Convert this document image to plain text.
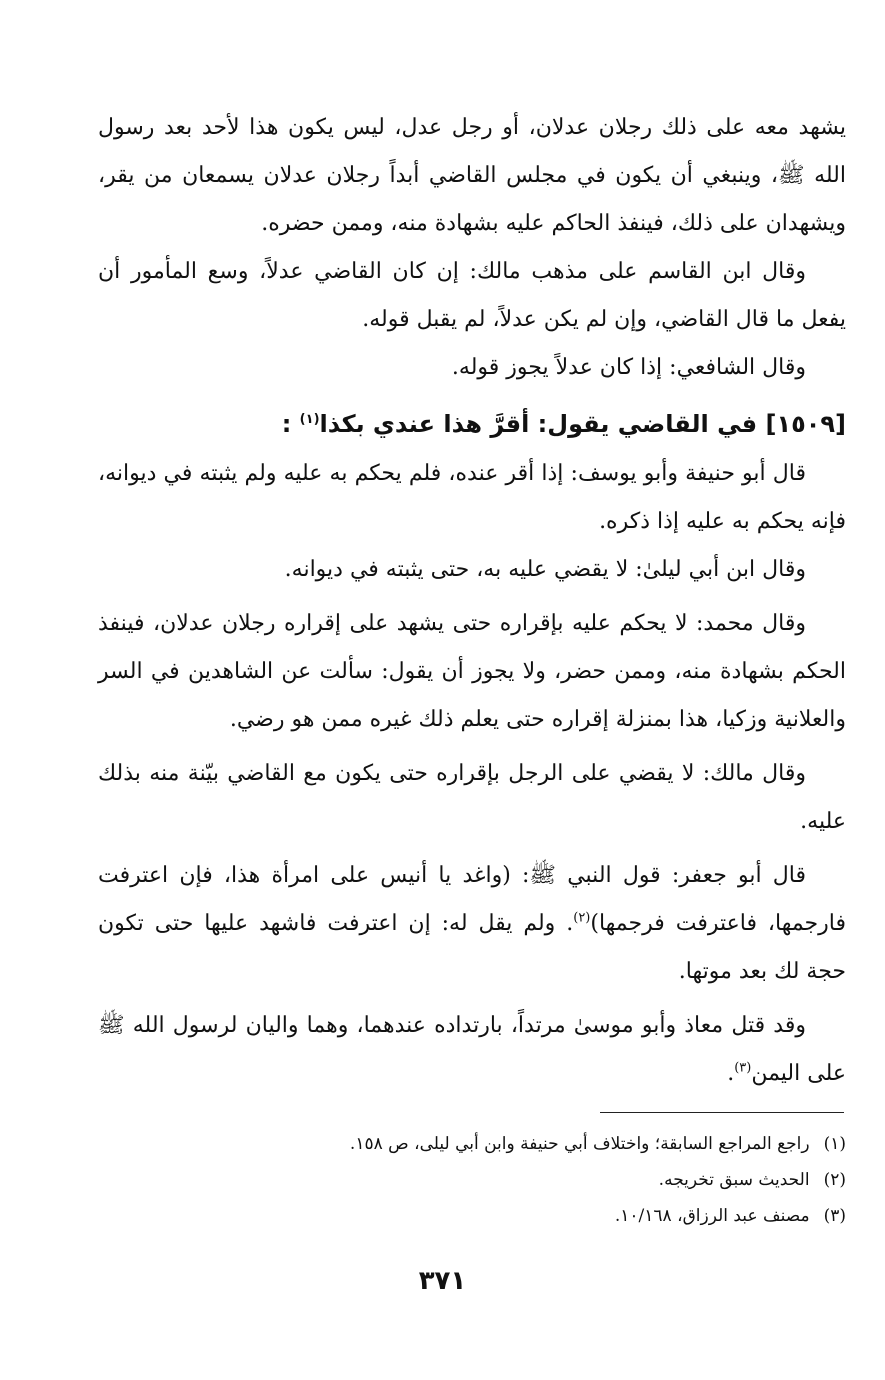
يشهد معه على ذلك رجلان عدلان، أو رجل عدل، ليس يكون هذا لأحد بعد رسول الله ﷺ، وينبغي أن يكون في مجلس القاضي أبداً رجلان عدلان يسمعان من يقر، ويشهدان على ذلك، فينفذ الحاكم عليه بشهادة منه، وممن حضره.

وقال ابن القاسم على مذهب مالك: إن كان القاضي عدلاً، وسع المأمور أن يفعل ما قال القاضي، وإن لم يكن عدلاً، لم يقبل قوله.

وقال الشافعي: إذا كان عدلاً يجوز قوله.

[١٥٠٩] في القاضي يقول: أقرَّ هذا عندي بكذا$^{(١)}$ :

قال أبو حنيفة وأبو يوسف: إذا أقر عنده، فلم يحكم به عليه ولم يثبته في ديوانه، فإنه يحكم به عليه إذا ذكره.

وقال ابن أبي ليلىٰ: لا يقضي عليه به، حتى يثبته في ديوانه.

وقال محمد: لا يحكم عليه بإقراره حتى يشهد على إقراره رجلان عدلان، فينفذ الحكم بشهادة منه، وممن حضر، ولا يجوز أن يقول: سألت عن الشاهدين في السر والعلانية وزكيا، هذا بمنزلة إقراره حتى يعلم ذلك غيره ممن هو رضي.

وقال مالك: لا يقضي على الرجل بإقراره حتى يكون مع القاضي بيّنة منه بذلك عليه.

قال أبو جعفر: قول النبي ﷺ: (واغد يا أنيس على امرأة هذا، فإن اعترفت فارجمها، فاعترفت فرجمها)$^{(٢)}$. ولم يقل له: إن اعترفت فاشهد عليها حتى تكون حجة لك بعد موتها.

وقد قتل معاذ وأبو موسىٰ مرتداً، بارتداده عندهما، وهما واليان لرسول الله ﷺ على اليمن$^{(٣)}$.

(١)راجع المراجع السابقة؛ واختلاف أبي حنيفة وابن أبي ليلى، ص ١٥٨.

(٢)الحديث سبق تخريجه.

(٣)مصنف عبد الرزاق، ١٠/١٦٨.

٣٧١
